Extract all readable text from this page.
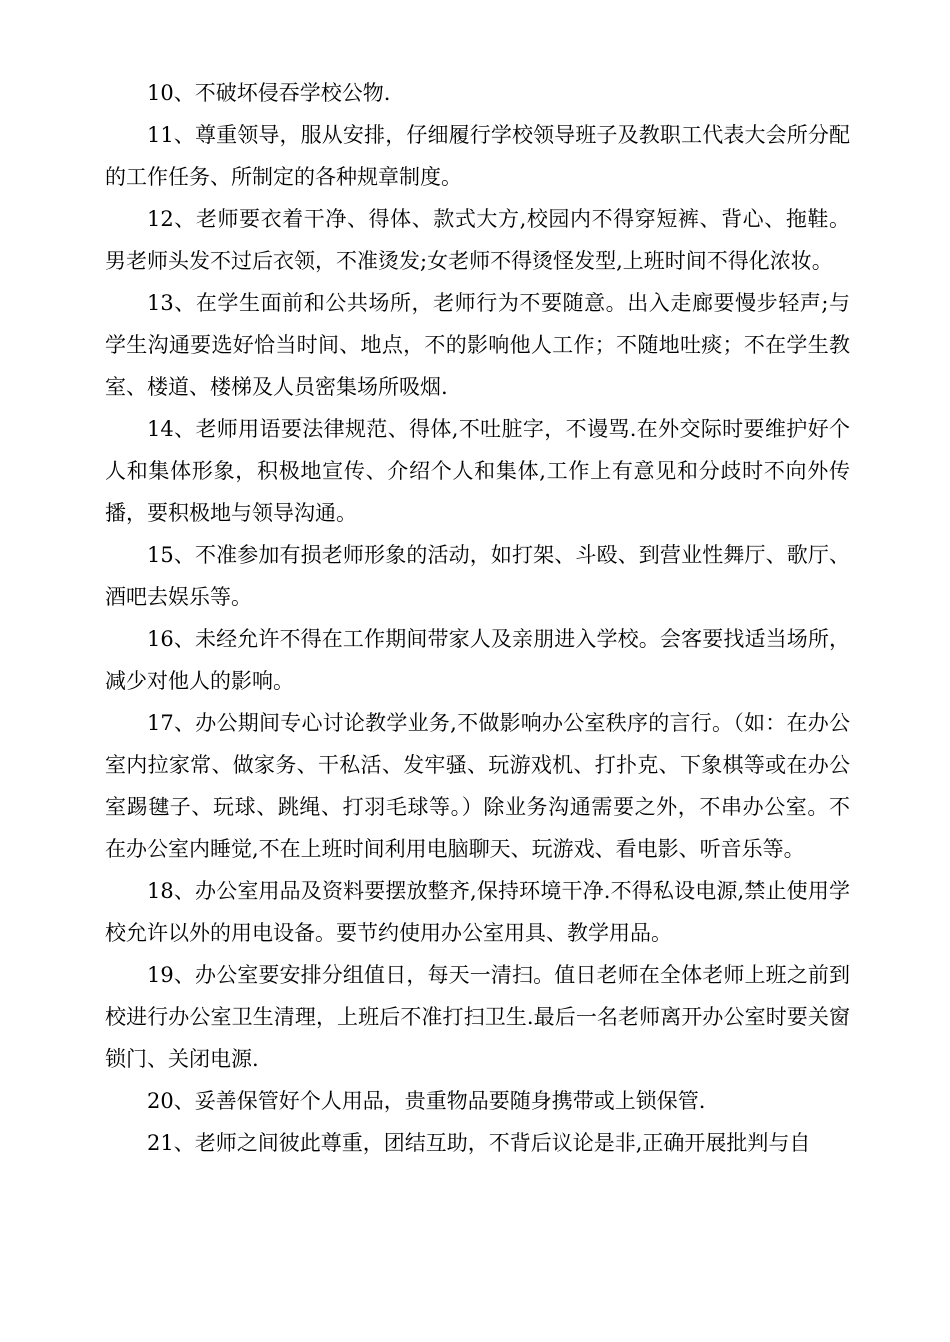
10、不破坏侵吞学校公物.

11、尊重领导，服从安排，仔细履行学校领导班子及教职工代表大会所分配的工作任务、所制定的各种规章制度。

12、老师要衣着干净、得体、款式大方,校园内不得穿短裤、背心、拖鞋。男老师头发不过后衣领，不准烫发;女老师不得烫怪发型,上班时间不得化浓妆。

13、在学生面前和公共场所，老师行为不要随意。出入走廊要慢步轻声;与学生沟通要选好恰当时间、地点，不的影响他人工作；不随地吐痰；不在学生教室、楼道、楼梯及人员密集场所吸烟.

14、老师用语要法律规范、得体,不吐脏字，不谩骂.在外交际时要维护好个人和集体形象，积极地宣传、介绍个人和集体,工作上有意见和分歧时不向外传播，要积极地与领导沟通。

15、不准参加有损老师形象的活动，如打架、斗殴、到营业性舞厅、歌厅、酒吧去娱乐等。

16、未经允许不得在工作期间带家人及亲朋进入学校。会客要找适当场所，减少对他人的影响。

17、办公期间专心讨论教学业务,不做影响办公室秩序的言行。（如：在办公室内拉家常、做家务、干私活、发牢骚、玩游戏机、打扑克、下象棋等或在办公室踢毽子、玩球、跳绳、打羽毛球等。）除业务沟通需要之外，不串办公室。不在办公室内睡觉,不在上班时间利用电脑聊天、玩游戏、看电影、听音乐等。

18、办公室用品及资料要摆放整齐,保持环境干净.不得私设电源,禁止使用学校允许以外的用电设备。要节约使用办公室用具、教学用品。

19、办公室要安排分组值日，每天一清扫。值日老师在全体老师上班之前到校进行办公室卫生清理，上班后不准打扫卫生.最后一名老师离开办公室时要关窗锁门、关闭电源.

20、妥善保管好个人用品，贵重物品要随身携带或上锁保管.

21、老师之间彼此尊重，团结互助，不背后议论是非,正确开展批判与自
